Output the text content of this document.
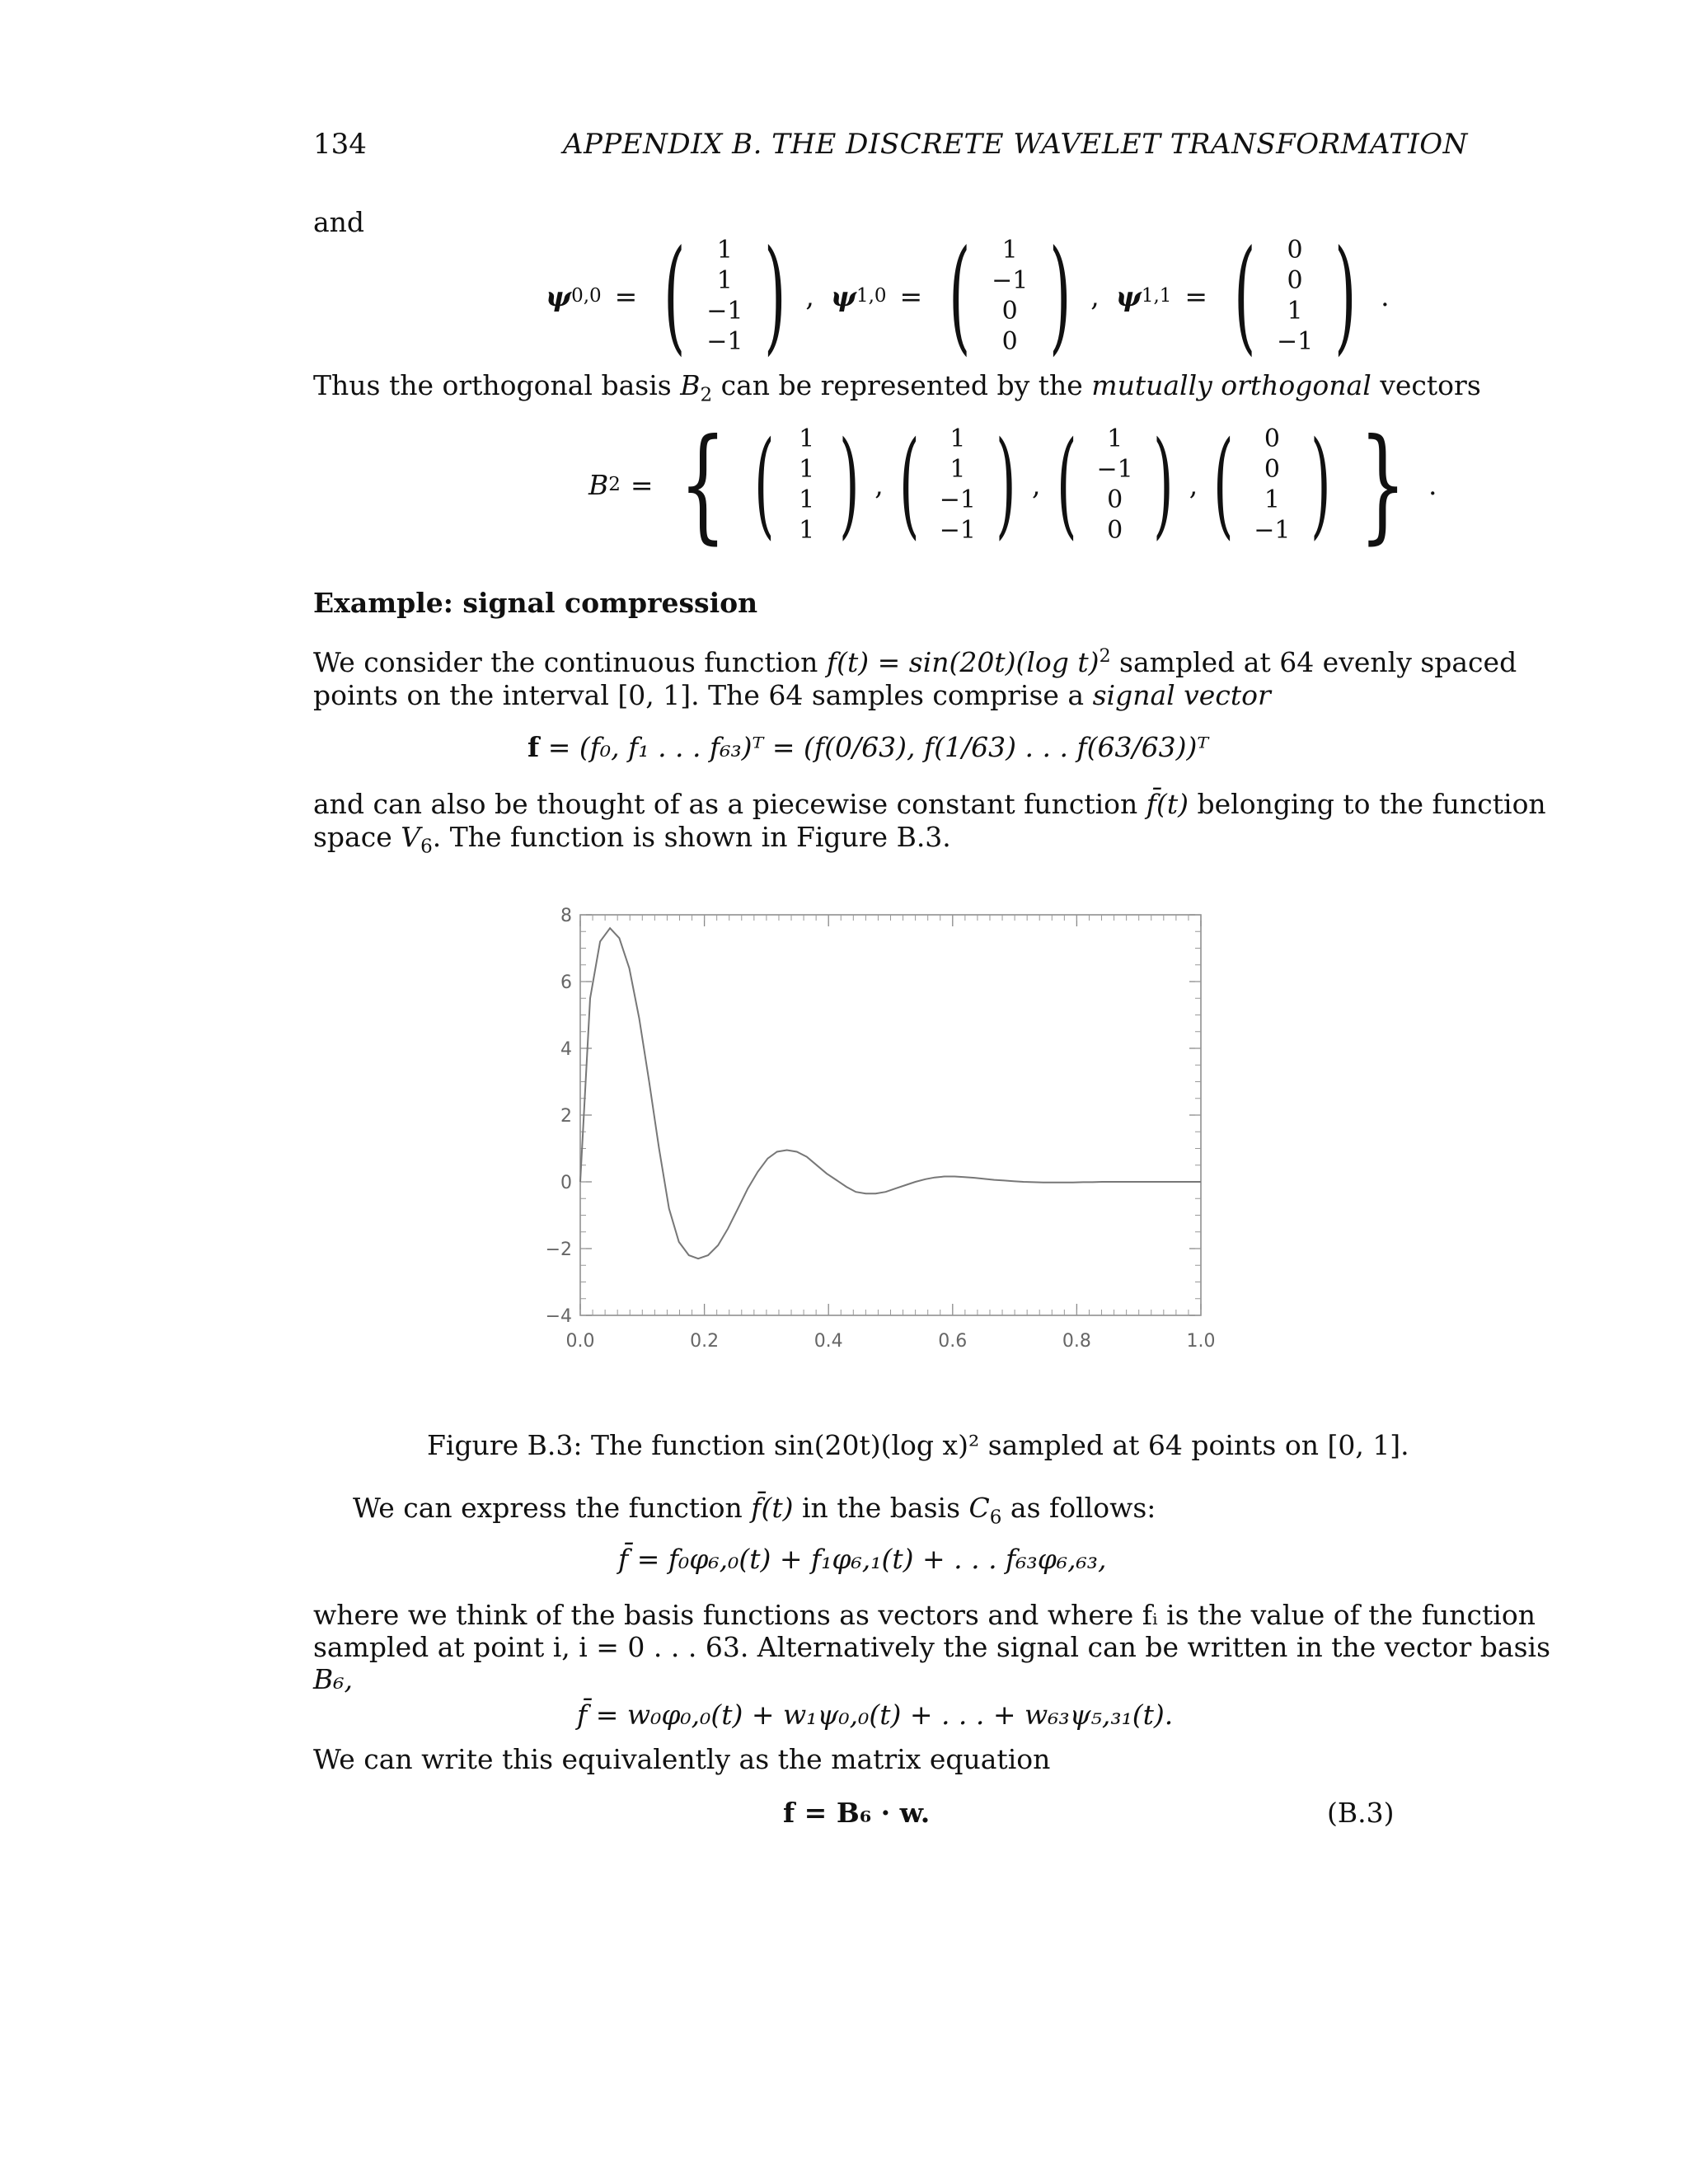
134	APPENDIX B. THE DISCRETE WAVELET TRANSFORMATION
and
ψ 0,0 = ( 1
1
−1
−1 ) , ψ 1,0 = ( 1
−1
0
0 ) , ψ 1,1 = ( 0
0
1
−1 ) .
Thus the orthogonal basis $B_2$ can be represented by the mutually orthogonal vectors
B 2 = { ( 1
1
1
1 ) , ( 1
1
−1
−1 ) , ( 1
−1
0
0 ) , ( 0
0
1
−1 ) } .
Example: signal compression
We consider the continuous function f(t) = sin(20t)(log t)$^2$ sampled at 64 evenly spaced
points on the interval [0, 1]. The 64 samples comprise a signal vector
f = (f₀, f₁ . . . f₆₃)ᵀ = (f(0/63), f(1/63) . . . f(63/63))ᵀ
and can also be thought of as a piecewise constant function f̄(t) belonging to the function
space $V_6$. The function is shown in Figure B.3.
0.0	0.2	0.4	0.6	0.8	1.0
8
6
4
2
0
−2
−4
Figure B.3: The function sin(20t)(log x)² sampled at 64 points on [0, 1].
We can express the function f̄(t) in the basis $C_6$ as follows:
f̄ = f₀φ₆,₀(t) + f₁φ₆,₁(t) + . . . f₆₃φ₆,₆₃,
where we think of the basis functions as vectors and where fᵢ is the value of the function
sampled at point i, i = 0 . . . 63. Alternatively the signal can be written in the vector basis
B₆,
f̄ = w₀φ₀,₀(t) + w₁ψ₀,₀(t) + . . . + w₆₃ψ₅,₃₁(t).
We can write this equivalently as the matrix equation
f = B₆ · w.	(B.3)
